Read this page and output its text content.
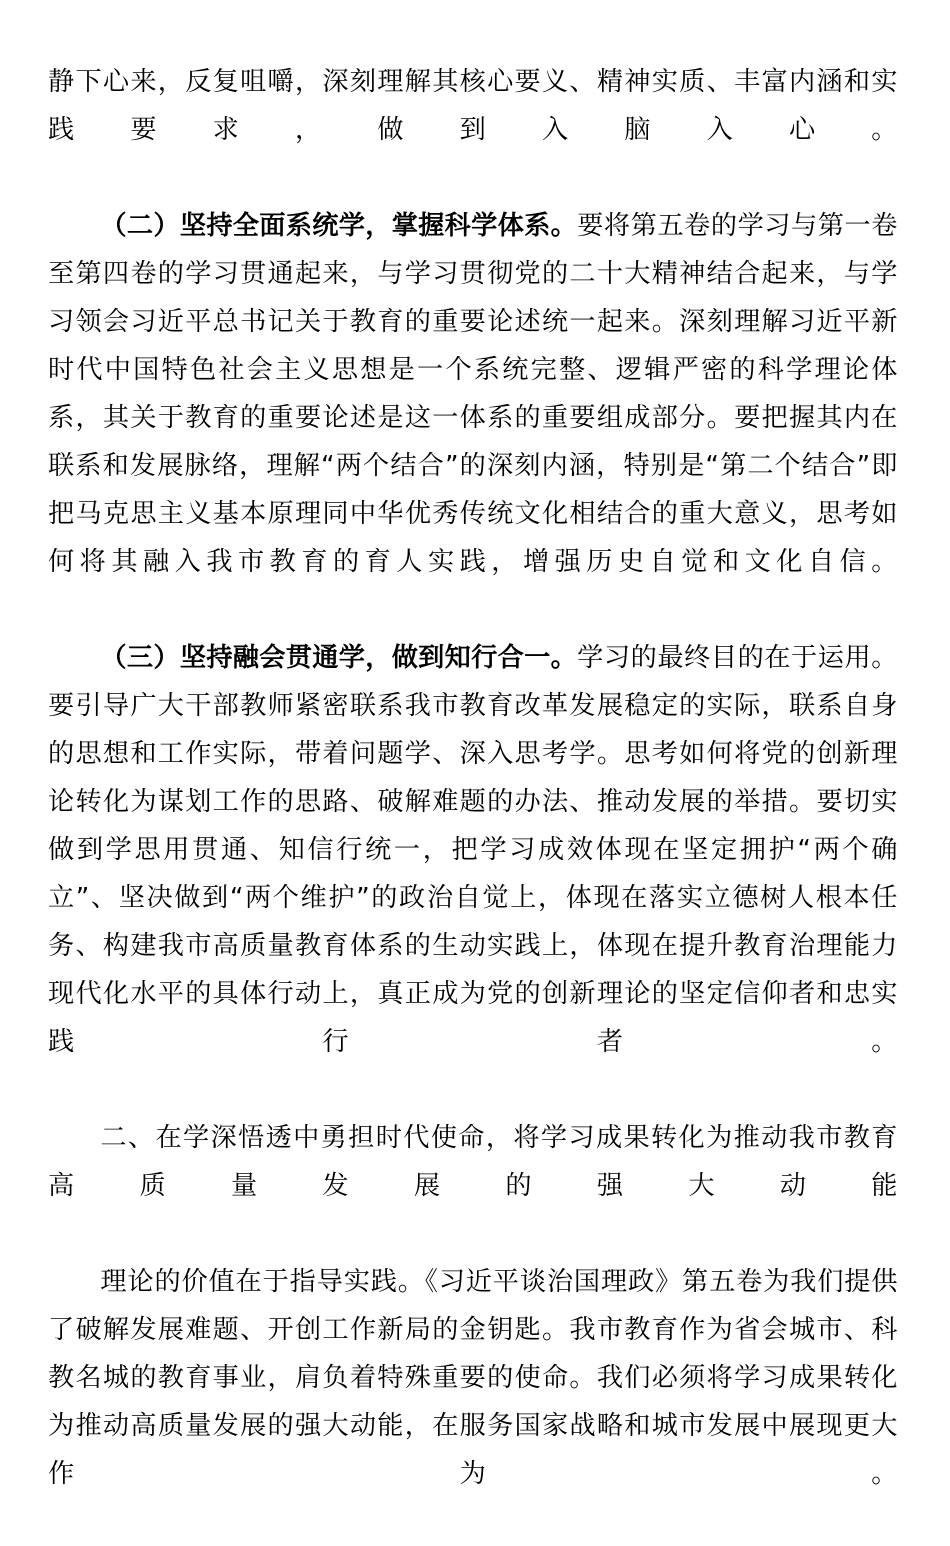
静下心来，反复咀嚼，深刻理解其核心要义、精神实质、丰富内涵和实践要求，做到入脑入心。

（二）坚持全面系统学，掌握科学体系。要将第五卷的学习与第一卷至第四卷的学习贯通起来，与学习贯彻党的二十大精神结合起来，与学习领会习近平总书记关于教育的重要论述统一起来。深刻理解习近平新时代中国特色社会主义思想是一个系统完整、逻辑严密的科学理论体系，其关于教育的重要论述是这一体系的重要组成部分。要把握其内在联系和发展脉络，理解“两个结合”的深刻内涵，特别是“第二个结合”即把马克思主义基本原理同中华优秀传统文化相结合的重大意义，思考如何将其融入我市教育的育人实践，增强历史自觉和文化自信。

（三）坚持融会贯通学，做到知行合一。学习的最终目的在于运用。要引导广大干部教师紧密联系我市教育改革发展稳定的实际，联系自身的思想和工作实际，带着问题学、深入思考学。思考如何将党的创新理论转化为谋划工作的思路、破解难题的办法、推动发展的举措。要切实做到学思用贯通、知信行统一，把学习成效体现在坚定拥护“两个确立”、坚决做到“两个维护”的政治自觉上，体现在落实立德树人根本任务、构建我市高质量教育体系的生动实践上，体现在提升教育治理能力现代化水平的具体行动上，真正成为党的创新理论的坚定信仰者和忠实践行者。

二、在学深悟透中勇担时代使命，将学习成果转化为推动我市教育高质量发展的强大动能

理论的价值在于指导实践。《习近平谈治国理政》第五卷为我们提供了破解发展难题、开创工作新局的金钥匙。我市教育作为省会城市、科教名城的教育事业，肩负着特殊重要的使命。我们必须将学习成果转化为推动高质量发展的强大动能，在服务国家战略和城市发展中展现更大作为。
